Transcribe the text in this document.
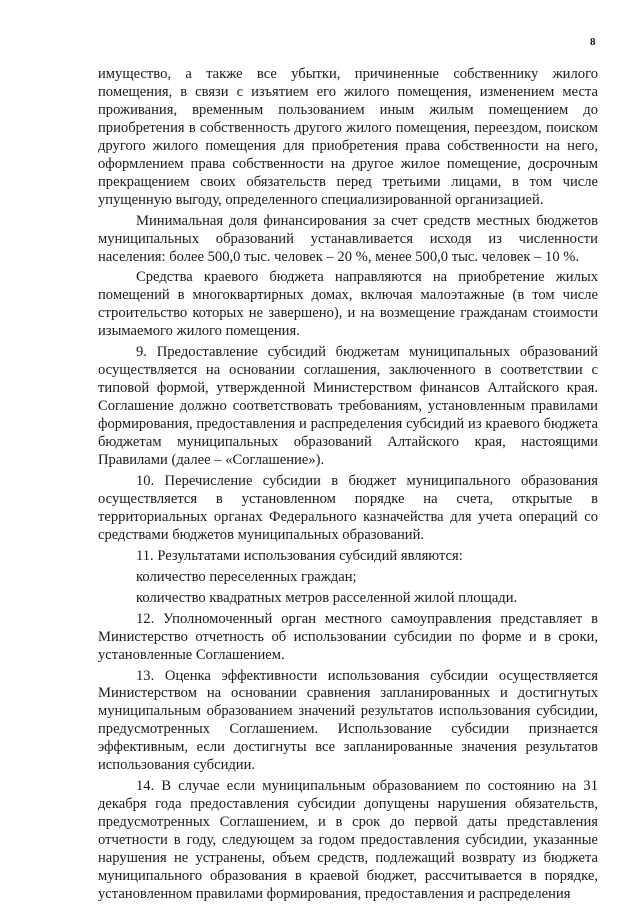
8

имущество, а также все убытки, причиненные собственнику жилого помещения, в связи с изъятием его жилого помещения, изменением места проживания, временным пользованием иным жилым помещением до приобретения в собственность другого жилого помещения, переездом, поиском другого жилого помещения для приобретения права собственности на него, оформлением права собственности на другое жилое помещение, досрочным прекращением своих обязательств перед третьими лицами, в том числе упущенную выгоду, определенного специализированной организацией.

Минимальная доля финансирования за счет средств местных бюджетов муниципальных образований устанавливается исходя из численности населения: более 500,0 тыс. человек – 20 %, менее 500,0 тыс. человек – 10 %.

Средства краевого бюджета направляются на приобретение жилых помещений в многоквартирных домах, включая малоэтажные (в том числе строительство которых не завершено), и на возмещение гражданам стоимости изымаемого жилого помещения.

9. Предоставление субсидий бюджетам муниципальных образований осуществляется на основании соглашения, заключенного в соответствии с типовой формой, утвержденной Министерством финансов Алтайского края. Соглашение должно соответствовать требованиям, установленным правилами формирования, предоставления и распределения субсидий из краевого бюджета бюджетам муниципальных образований Алтайского края, настоящими Правилами (далее – «Соглашение»).

10. Перечисление субсидии в бюджет муниципального образования осуществляется в установленном порядке на счета, открытые в территориальных органах Федерального казначейства для учета операций со средствами бюджетов муниципальных образований.

11. Результатами использования субсидий являются:

количество переселенных граждан;

количество квадратных метров расселенной жилой площади.

12. Уполномоченный орган местного самоуправления представляет в Министерство отчетность об использовании субсидии по форме и в сроки, установленные Соглашением.

13. Оценка эффективности использования субсидии осуществляется Министерством на основании сравнения запланированных и достигнутых муниципальным образованием значений результатов использования субсидии, предусмотренных Соглашением. Использование субсидии признается эффективным, если достигнуты все запланированные значения результатов использования субсидии.

14. В случае если муниципальным образованием по состоянию на 31 декабря года предоставления субсидии допущены нарушения обязательств, предусмотренных Соглашением, и в срок до первой даты представления отчетности в году, следующем за годом предоставления субсидии, указанные нарушения не устранены, объем средств, подлежащий возврату из бюджета муниципального образования в краевой бюджет, рассчитывается в порядке, установленном правилами формирования, предоставления и распределения
